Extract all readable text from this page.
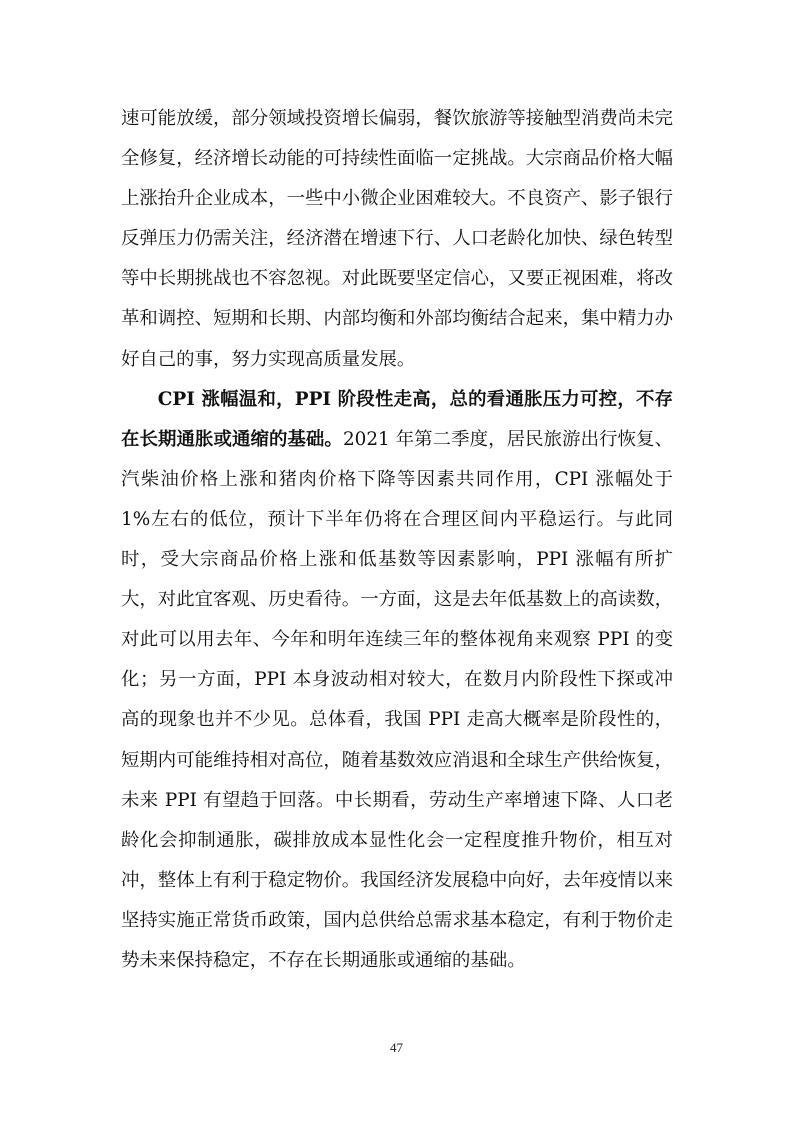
速可能放缓，部分领域投资增长偏弱，餐饮旅游等接触型消费尚未完全修复，经济增长动能的可持续性面临一定挑战。大宗商品价格大幅上涨抬升企业成本，一些中小微企业困难较大。不良资产、影子银行反弹压力仍需关注，经济潜在增速下行、人口老龄化加快、绿色转型等中长期挑战也不容忽视。对此既要坚定信心，又要正视困难，将改革和调控、短期和长期、内部均衡和外部均衡结合起来，集中精力办好自己的事，努力实现高质量发展。

CPI 涨幅温和，PPI 阶段性走高，总的看通胀压力可控，不存在长期通胀或通缩的基础。2021 年第二季度，居民旅游出行恢复、汽柴油价格上涨和猪肉价格下降等因素共同作用，CPI 涨幅处于 1%左右的低位，预计下半年仍将在合理区间内平稳运行。与此同时，受大宗商品价格上涨和低基数等因素影响，PPI 涨幅有所扩大，对此宜客观、历史看待。一方面，这是去年低基数上的高读数，对此可以用去年、今年和明年连续三年的整体视角来观察 PPI 的变化；另一方面，PPI 本身波动相对较大，在数月内阶段性下探或冲高的现象也并不少见。总体看，我国 PPI 走高大概率是阶段性的，短期内可能维持相对高位，随着基数效应消退和全球生产供给恢复，未来 PPI 有望趋于回落。中长期看，劳动生产率增速下降、人口老龄化会抑制通胀，碳排放成本显性化会一定程度推升物价，相互对冲，整体上有利于稳定物价。我国经济发展稳中向好，去年疫情以来坚持实施正常货币政策，国内总供给总需求基本稳定，有利于物价走势未来保持稳定，不存在长期通胀或通缩的基础。

47
